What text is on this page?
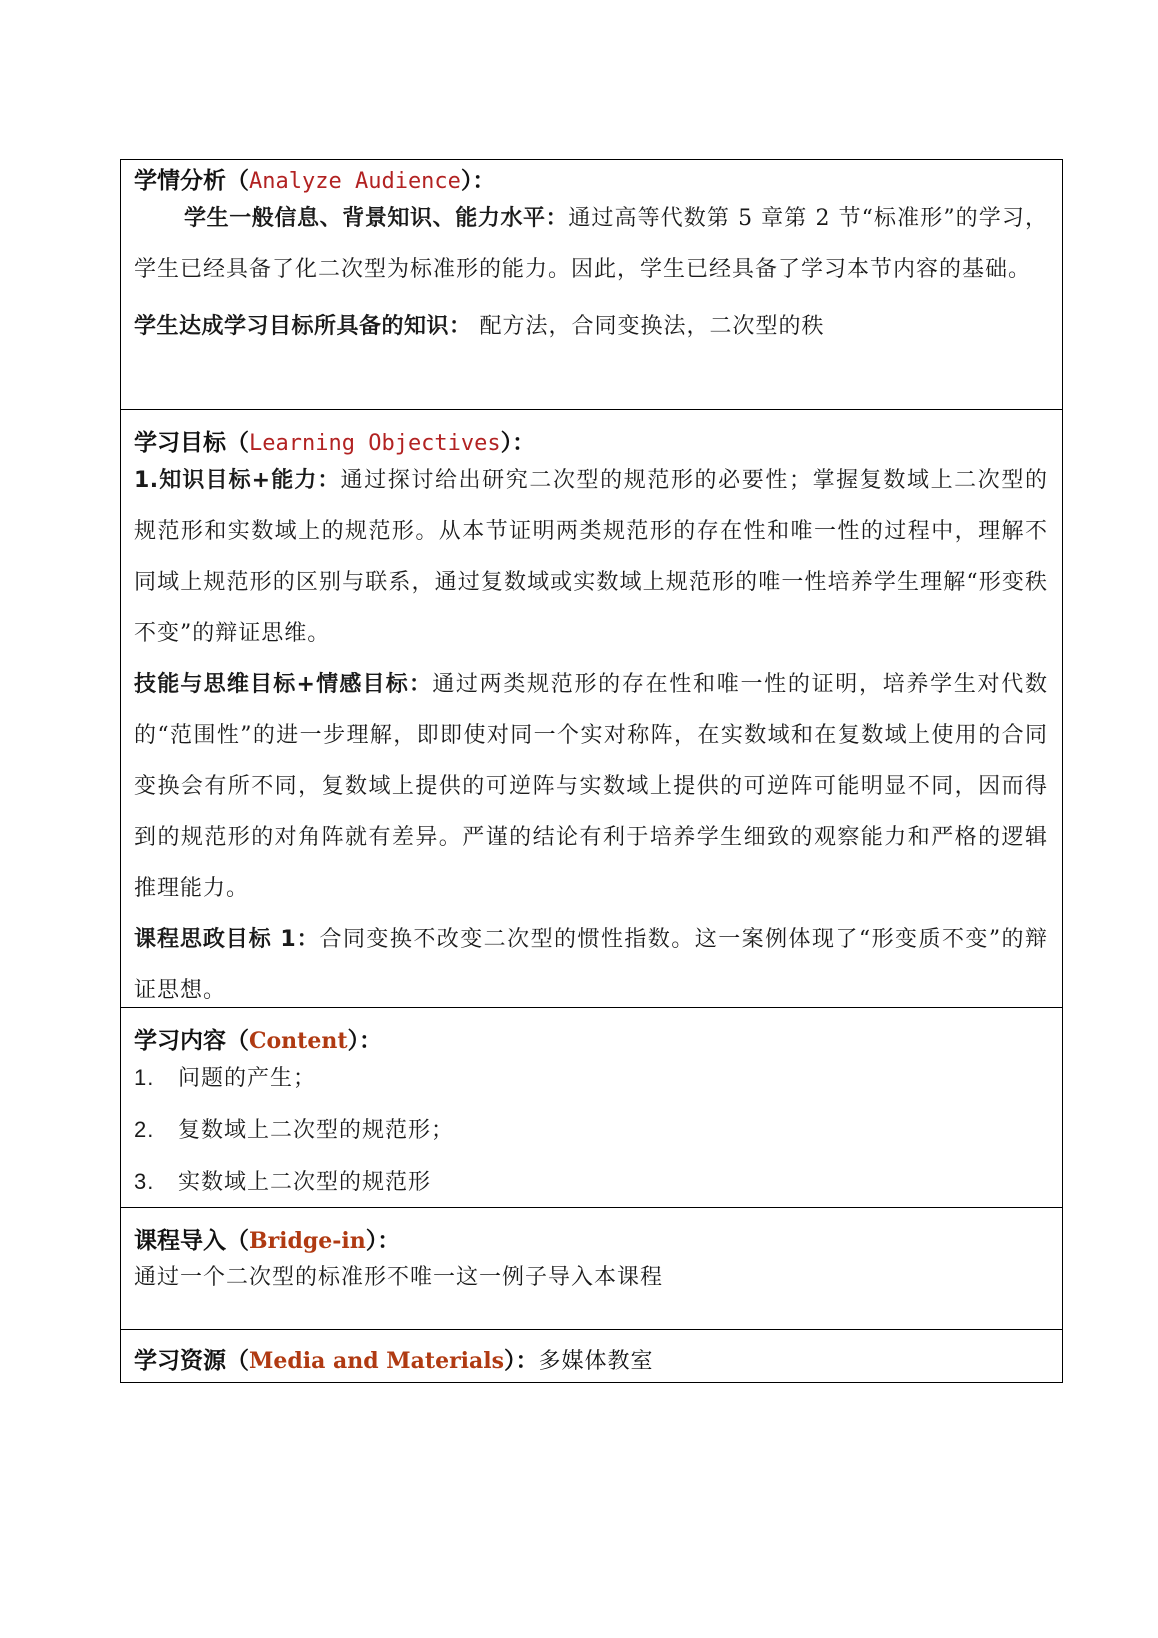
学情分析（Analyze Audience）：

学生一般信息、背景知识、能力水平：通过高等代数第 5 章第 2 节“标准形”的学习，学生已经具备了化二次型为标准形的能力。因此，学生已经具备了学习本节内容的基础。

学生达成学习目标所具备的知识： 配方法，合同变换法，二次型的秩

学习目标（Learning Objectives）：

1.知识目标+能力：通过探讨给出研究二次型的规范形的必要性；掌握复数域上二次型的规范形和实数域上的规范形。从本节证明两类规范形的存在性和唯一性的过程中，理解不同域上规范形的区别与联系，通过复数域或实数域上规范形的唯一性培养学生理解“形变秩不变”的辩证思维。

技能与思维目标+情感目标：通过两类规范形的存在性和唯一性的证明，培养学生对代数的“范围性”的进一步理解，即即使对同一个实对称阵，在实数域和在复数域上使用的合同变换会有所不同，复数域上提供的可逆阵与实数域上提供的可逆阵可能明显不同，因而得到的规范形的对角阵就有差异。严谨的结论有利于培养学生细致的观察能力和严格的逻辑推理能力。

课程思政目标 1：合同变换不改变二次型的惯性指数。这一案例体现了“形变质不变”的辩证思想。

学习内容（Content）：
1. 问题的产生；
2. 复数域上二次型的规范形；
3. 实数域上二次型的规范形
课程导入（Bridge-in）：
通过一个二次型的标准形不唯一这一例子导入本课程
学习资源（Media and Materials）：多媒体教室
